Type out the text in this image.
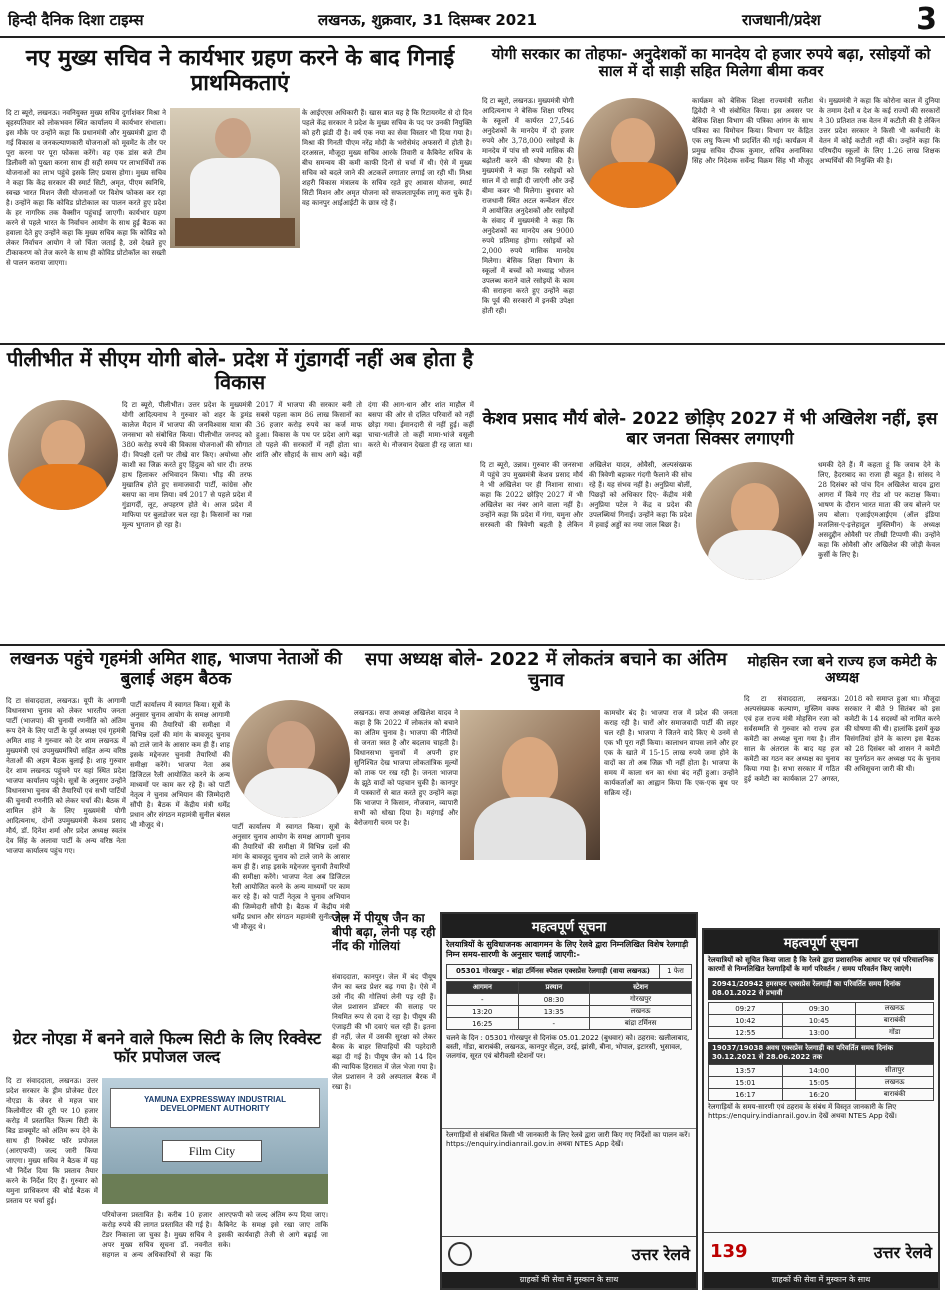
हिन्दी दैनिक दिशा टाइम्स	लखनऊ, शुक्रवार, 31 दिसम्बर 2021	राजधानी/प्रदेश	3
नए मुख्य सचिव ने कार्यभार ग्रहण करने के बाद गिनाई प्राथमिकताएं
दि टा ब्यूरो, लखनऊ। नवनियुक्त मुख्य सचिव दुर्गाशंकर मिश्रा ने बृहस्पतिवार को लोकभवन स्थित कार्यालय में कार्यभार संभाला। इस मौके पर उन्होंने कहा कि प्रधानमंत्री और मुख्यमंत्री द्वारा दी गई विकास व जनकल्याणकारी योजनाओं को मूवमेंट के तौर पर पूरा करना पर पूरा फोकस करेंगे। वह एक डांस बजे टीम डिलीवरी को पुख्ता करना साथ ही सही समय पर लाभार्थियों तक योजनाओं का लाभ पहुंचे इसके लिए प्रयास होगा। मुख्य सचिव ने कहा कि केंद्र सरकार की स्मार्ट सिटी, अमृत, पीएम स्वनिधि, स्वच्छ भारत मिशन जैसी योजनाओं पर विशेष फोकस कर रहा है। उन्होंने कहा कि कोविड प्रोटोकाल का पालन करते हुए प्रदेश के हर नागरिक तक वैक्सीन पहुंचाई जाएगी। कार्यभार ग्रहण करने से पहले भारत के निर्वाचन आयोग के साथ हुई बैठक का हवाला देते हुए उन्होंने कहा कि मुख्य सचिव कहा कि कोविड को लेकर निर्वाचन आयोग ने जो चिंता जताई है, उसे देखते हुए टीकाकरण को तेज करने के साथ ही कोविड प्रोटोकॉल का सख्ती से पालन कराया जाएगा।
के आईएएस अधिकारी हैं। खास बात यह है कि रिटायरमेंट से दो दिन पहले केंद्र सरकार ने प्रदेश के मुख्य सचिव के पद पर उनकी नियुक्ति को हरी झंडी दी है। वर्ष एक नया का सेवा विस्तार भी दिया गया है। मिश्रा की गिनती पीएम नरेंद्र मोदी के भरोसेमंद अफसरों में होती है। दरअसल, मौजूदा मुख्य सचिव आरके तिवारी व कैबिनेट सचिव के बीच समन्वय की कमी काफी दिनों से चर्चा में थी। ऐसे में मुख्य सचिव को बदले जाने की अटकलें लगातार लगाई जा रही थीं। मिश्रा शहरी विकास मंत्रालय के सचिव रहते हुए आवास योजना, स्मार्ट सिटी मिशन और अमृत योजना को सफलतापूर्वक लागू करा चुके हैं। वह कानपुर आईआईटी के छात्र रहे हैं।
योगी सरकार का तोहफा- अनुदेशकों का मानदेय दो हजार रुपये बढ़ा, रसोइयों को साल में दो साड़ी सहित मिलेगा बीमा कवर
दि टा ब्यूरो, लखनऊ। मुख्यमंत्री योगी आदित्यनाथ ने बेसिक शिक्षा परिषद के स्कूलों में कार्यरत 27,546 अनुदेशकों के मानदेय में दो हजार रुपये और 3,78,000 रसोइयों के मानदेय में पांच सौ रुपये मासिक की बढ़ोतरी करने की घोषणा की है। मुख्यमंत्री ने कहा कि रसोइयों को साल में दो साड़ी दी जाएंगी और उन्हें बीमा कवर भी मिलेगा। बुधवार को राजधानी स्थित अटल कन्वेंशन सेंटर में आयोजित अनुदेशकों और रसोइयों के संवाद में मुख्यमंत्री ने कहा कि अनुदेशकों का मानदेय अब 9000 रुपये प्रतिमाह होगा। रसोइयों को 2,000 रुपये मासिक मानदेय मिलेगा। बेसिक शिक्षा विभाग के स्कूलों में बच्चों को मध्याह्न भोजन उपलब्ध कराने वाले रसोइयों के काम की सराहना करते हुए उन्होंने कहा कि पूर्व की सरकारों में इनकी उपेक्षा होती रही।
कार्यक्रम को बेसिक शिक्षा राज्यमंत्री सतीश द्विवेदी ने भी संबोधित किया। इस अवसर पर बेसिक शिक्षा विभाग की पत्रिका आंगन के साथ पत्रिका का विमोचन किया। विभाग पर केंद्रित एक लघु फिल्म भी प्रदर्शित की गई। कार्यक्रम में प्रमुख सचिव दीपक कुमार, सचिव अनामिका सिंह और निदेशक सर्वेन्द्र विक्रम सिंह भी मौजूद थे। मुख्यमंत्री ने कहा कि कोरोना काल में दुनिया के तमाम देशों व देश के कई राज्यों की सरकारों ने 30 प्रतिशत तक वेतन में कटौती की है लेकिन उत्तर प्रदेश सरकार ने किसी भी कर्मचारी के वेतन में कोई कटौती नहीं की। उन्होंने कहा कि परिषदीय स्कूलों के लिए 1.26 लाख शिक्षक अभ्यर्थियों की नियुक्ति की है।
पीलीभीत में सीएम योगी बोले- प्रदेश में गुंडागर्दी नहीं अब होता है विकास
दि टा ब्यूरो, पीलीभीत। उत्तर प्रदेश के मुख्यमंत्री योगी आदित्यनाथ ने गुरुवार को शहर के ड्रमंड कालेज मैदान में भाजपा की जनविश्वास यात्रा की जनसभा को संबोधित किया। पीलीभीत जनपद को 380 करोड़ रुपये की विकास योजनाओं की सौगात दी। विपक्षी दलों पर तीखे वार किए। अयोध्या और काशी का जिक्र करते हुए हिंदुत्व को धार दी। तरफ हाथ हिलाकर अभिवादन किया। भीड़ की तरफ मुखातिब होते हुए समाजवादी पार्टी, कांग्रेस और बसपा का नाम लिया। वर्ष 2017 से पहले प्रदेश में गुंडागर्दी, लूट, अपहरण होते थे। आज प्रदेश में माफिया पर बुलडोजर चल रहा है। किसानों का गन्ना मूल्य भुगतान हो रहा है।
2017 में भाजपा की सरकार बनी तो सबसे पहला काम 86 लाख किसानों का 36 हजार करोड़ रुपये का कर्ज माफ हुआ। विकास के पथ पर प्रदेश आगे बढ़ा तो पहले की सरकारों में नहीं होता था। शांति और सौहार्द के साथ आगे बढ़े। वहीं दंगा की आग-धान और शांत माहौल में बसपा की ओर से दलित परिवारों को नहीं छोड़ा गया। ईमानदारी से नहीं हुई। कहीं चाचा-भतीजे तो कहीं मामा-भांजे वसूली करते थे। नौजवान देखता ही रह जाता था।
केशव प्रसाद मौर्य बोले- 2022 छोड़िए 2027 में भी अखिलेश नहीं, इस बार जनता सिक्सर लगाएगी
दि टा ब्यूरो, उन्नाव। गुरुवार की जनसभा में पहुंचे उप मुख्यमंत्री केशव प्रसाद मौर्य ने भी अखिलेश पर ही निशाना साधा। कहा कि 2022 छोड़िए 2027 में भी अखिलेश का नंबर आने वाला नहीं है। उन्होंने कहा कि प्रदेश में गंगा, यमुना और सरस्वती की त्रिवेणी बहती है लेकिन अखिलेश यादव, ओवैसी, अल्पसंख्यक की त्रिवेणी बहाकर गंदगी फैलाने की सोच रहे हैं। यह संभव नहीं है। अनुप्रिया बोलीं, पिछड़ों को अधिकार दिए- केंद्रीय मंत्री अनुप्रिया पटेल ने केंद्र व प्रदेश की उपलब्धियां गिनाईं। उन्होंने कहा कि प्रदेश में हवाई अड्डों का नया जाल बिछा है।
धमकी देते हैं। मैं कहता हूं कि जवाब देने के लिए, हैदराबाद का राजा ही बहुत है। सांसद ने 28 दिसंबर को पांच दिन अखिलेश यादव द्वारा आगरा में किये गए रोड शो पर कटाक्ष किया। भाषण के दौरान भारत माता की जय बोलने पर जय बोला। एआईएमआईएम (ऑल इंडिया मजलिस-ए-इत्तेहादुल मुस्लिमीन) के अध्यक्ष असदुद्दीन ओवैसी पर तीखी टिप्पणी की। उन्होंने कहा कि ओवैसी और अखिलेश की जोड़ी केवल कुर्सी के लिए है।
लखनऊ पहुंचे गृहमंत्री अमित शाह, भाजपा नेताओं की बुलाई अहम बैठक
दि टा संवाददाता, लखनऊ। यूपी के आगामी विधानसभा चुनाव को लेकर भारतीय जनता पार्टी (भाजपा) की चुनावी रणनीति को अंतिम रूप देने के लिए पार्टी के पूर्व अध्यक्ष एवं गृहमंत्री अमित शाह ने गुरुवार को देर शाम लखनऊ में मुख्यमंत्री एवं उपमुख्यमंत्रियों सहित अन्य वरिष्ठ नेताओं की अहम बैठक बुलाई है। शाह गुरुवार देर शाम लखनऊ पहुंचने पर यहां स्थित प्रदेश भाजपा कार्यालय पहुंचे। सूत्रों के अनुसार उन्होंने विधानसभा चुनाव की तैयारियों एवं सभी पार्टियों की चुनावी रणनीति को लेकर चर्चा की। बैठक में शामिल होने के लिए मुख्यमंत्री योगी आदित्यनाथ, दोनों उपमुख्यमंत्री केशव प्रसाद मौर्य, डॉ. दिनेश शर्मा और प्रदेश अध्यक्ष स्वतंत्र देव सिंह के अलावा पार्टी के अन्य वरिष्ठ नेता भाजपा कार्यालय पहुंच गए।
पार्टी कार्यालय में स्वागत किया। सूत्रों के अनुसार चुनाव आयोग के समक्ष आगामी चुनाव की तैयारियों की समीक्षा में विभिन्न दलों की मांग के बावजूद चुनाव को टाले जाने के आसार कम ही हैं। शाह इसके मद्देनजर चुनावी तैयारियों की समीक्षा करेंगे। भाजपा नेता अब डिजिटल रैली आयोजित करने के अन्य माध्यमों पर काम कर रहे हैं। को पार्टी नेतृत्व ने चुनाव अभियान की जिम्मेदारी सौंपी है। बैठक में केंद्रीय मंत्री धर्मेंद्र प्रधान और संगठन महामंत्री सुनील बंसल भी मौजूद थे।	पार्टी कार्यालय में स्वागत किया। सूत्रों के अनुसार चुनाव आयोग के समक्ष आगामी चुनाव की तैयारियों की समीक्षा में विभिन्न दलों की मांग के बावजूद चुनाव को टाले जाने के आसार कम ही हैं। शाह इसके मद्देनजर चुनावी तैयारियों की समीक्षा करेंगे। भाजपा नेता अब डिजिटल रैली आयोजित करने के अन्य माध्यमों पर काम कर रहे हैं। को पार्टी नेतृत्व ने चुनाव अभियान की जिम्मेदारी सौंपी है। बैठक में केंद्रीय मंत्री धर्मेंद्र प्रधान और संगठन महामंत्री सुनील बंसल भी मौजूद थे।
सपा अध्यक्ष बोले- 2022 में लोकतंत्र बचाने का अंतिम चुनाव
लखनऊ। सपा अध्यक्ष अखिलेश यादव ने कहा है कि 2022 में लोकतंत्र को बचाने का अंतिम चुनाव है। भाजपा की नीतियों से जनता त्रस्त है और बदलाव चाहती है। विधानसभा चुनावों में अपनी हार सुनिश्चित देख भाजपा लोकतांत्रिक मूल्यों को ताक पर रख रही है। जनता भाजपा के झूठे वादों को पहचान चुकी है। कानपुर में पत्रकारों से बात करते हुए उन्होंने कहा कि भाजपा ने किसान, नौजवान, व्यापारी सभी को धोखा दिया है। महंगाई और बेरोजगारी चरम पर है।
कामचोर बंद है। भाजपा राज में प्रदेश की जनता कराह रही है। चारों ओर समाजवादी पार्टी की लहर चल रही है। भाजपा ने जितने वादे किए थे उनमें से एक भी पूरा नहीं किया। कालाधन वापस लाने और हर एक के खाते में 15-15 लाख रुपये जमा होने के वादों का तो अब जिक्र भी नहीं होता है। भाजपा के समय में काला धन का धंधा बंद नहीं हुआ। उन्होंने कार्यकर्ताओं का आह्वान किया कि एक-एक बूथ पर सक्रिय रहें।
मोहसिन रजा बने राज्य हज कमेटी के अध्यक्ष
दि टा संवाददाता, लखनऊ। अल्पसंख्यक कल्याण, मुस्लिम वक्फ एवं हज राज्य मंत्री मोहसिन रजा को सर्वसम्मति से गुरुवार को राज्य हज कमेटी का अध्यक्ष चुना गया है। तीन साल के अंतराल के बाद यह हज कमेटी का गठन कर अध्यक्ष का चुनाव किया गया है। सभा सरकार में गठित हुई कमेटी का कार्यकाल 27 अगस्त, 2018 को समाप्त हुआ था। मौजूदा सरकार ने बीते 9 सितंबर को इस कमेटी के 14 सदस्यों को नामित करने की घोषणा की थी। हालांकि इसमें कुछ विसंगतियां होने के कारण इस बैठक को 28 दिसंबर को शासन ने कमेटी का पुनर्गठन कर अध्यक्ष पद के चुनाव की अधिसूचना जारी की थी।
जेल में पीयूष जैन का बीपी बढ़ा, लेनी पड़ रही नींद की गोलियां
संवाददाता, कानपुर। जेल में बंद पीयूष जैन का ब्लड प्रेशर बढ़ गया है। ऐसे में उसे नींद की गोलियां लेनी पड़ रही हैं। जेल प्रशासन डॉक्टर की सलाह पर नियमित रूप से दवा दे रहा है। पीयूष की एंजाइटी की भी दवाएं चल रही हैं। इतना ही नहीं, जेल में उसकी सुरक्षा को लेकर बैरक के बाहर सिपाहियों की पहरेदारी बढ़ा दी गई है। पीयूष जैन को 14 दिन की न्यायिक हिरासत में जेल भेजा गया है। जेल प्रशासन ने उसे अस्पताल बैरक में रखा है।
ग्रेटर नोएडा में बनने वाले फिल्म सिटी के लिए रिक्वेस्ट फॉर प्रपोजल जल्द
दि टा संवाददाता, लखनऊ। उत्तर प्रदेश सरकार के ड्रीम प्रोजेक्ट ग्रेटर नोएडा के जेवर से महज चार किलोमीटर की दूरी पर 10 हजार करोड़ में प्रस्तावित फिल्म सिटी के बिड डाक्यूमेंट को अंतिम रूप देने के साथ ही रिक्वेस्ट फॉर प्रपोजल (आरएफपी) जल्द जारी किया जाएगा। मुख्य सचिव ने बैठक में यह भी निर्देश दिया कि प्रस्ताव तैयार करने के निर्देश दिए हैं। गुरुवार को यमुना प्राधिकरण की बोर्ड बैठक में प्रस्ताव पर चर्चा हुई।
YAMUNA EXPRESSWAY INDUSTRIAL
DEVELOPMENT AUTHORITY
Film City
परियोजना प्रस्तावित है। करीब 10 हजार करोड़ रुपये की लागत प्रस्तावित की गई है। टेंडर निकाला जा चुका है। मुख्य सचिव ने अपर मुख्य सचिव सूचना डॉ. नवनीत सहगल व अन्य अधिकारियों से कहा कि आरएफपी को जल्द अंतिम रूप दिया जाए। कैबिनेट के समक्ष इसे रखा जाए ताकि इसकी कार्यवाही तेजी से आगे बढ़ाई जा सके।
महत्वपूर्ण सूचना
रेलयात्रियों के सुविधाजनक आवागमन के लिए रेलवे द्वारा निम्नलिखित विशेष रेलगाड़ी निम्न समय-सारणी के अनुसार चलाई जाएगी:-
05301 गोरखपुर - बांद्रा टर्मिनस स्पेशल एक्सप्रेस रेलगाड़ी (वाया लखनऊ)	1 फेरा
आगमन	प्रस्थान	स्टेशन
-	08:30	गोरखपुर
13:20	13:35	लखनऊ
16:25	-	बांद्रा टर्मिनस
चलने के दिन : 05301 गोरखपुर से दिनांक 05.01.2022 (बुधवार) को। ठहराव: खलीलाबाद, बस्ती, गोंडा, बाराबंकी, लखनऊ, कानपुर सेंट्रल, उरई, झांसी, बीना, भोपाल, इटारसी, भुसावल, जलगांव, सूरत एवं बोरीवली स्टेशनों पर।
रेलगाड़ियों से संबंधित किसी भी जानकारी के लिए रेलवे द्वारा जारी किए गए निर्देशों का पालन करें। https://enquiry.indianrail.gov.in अथवा NTES App देखें।
उत्तर रेलवे
ग्राहकों की सेवा में मुस्कान के साथ
महत्वपूर्ण सूचना
रेलयात्रियों को सूचित किया जाता है कि रेलवे द्वारा प्रशासनिक आधार पर एवं परिचालनिक कारणों से निम्नलिखित रेलगाड़ियों के मार्ग परिवर्तन / समय परिवर्तन किए जाएंगे।
20941/20942 हमसफर एक्सप्रेस रेलगाड़ी का परिवर्तित समय दिनांक 08.01.2022 से प्रभावी
09:27	09:30	लखनऊ
10:42	10:45	बाराबंकी
12:55	13:00	गोंडा
19037/19038 अवध एक्सप्रेस रेलगाड़ी का परिवर्तित समय दिनांक 30.12.2021 से 28.06.2022 तक
13:57	14:00	सीतापुर
15:01	15:05	लखनऊ
16:17	16:20	बाराबंकी
रेलगाड़ियों के समय-सारणी एवं ठहराव के संबंध में विस्तृत जानकारी के लिए https://enquiry.indianrail.gov.in देखें अथवा NTES App देखें।
139	उत्तर रेलवे
ग्राहकों की सेवा में मुस्कान के साथ
